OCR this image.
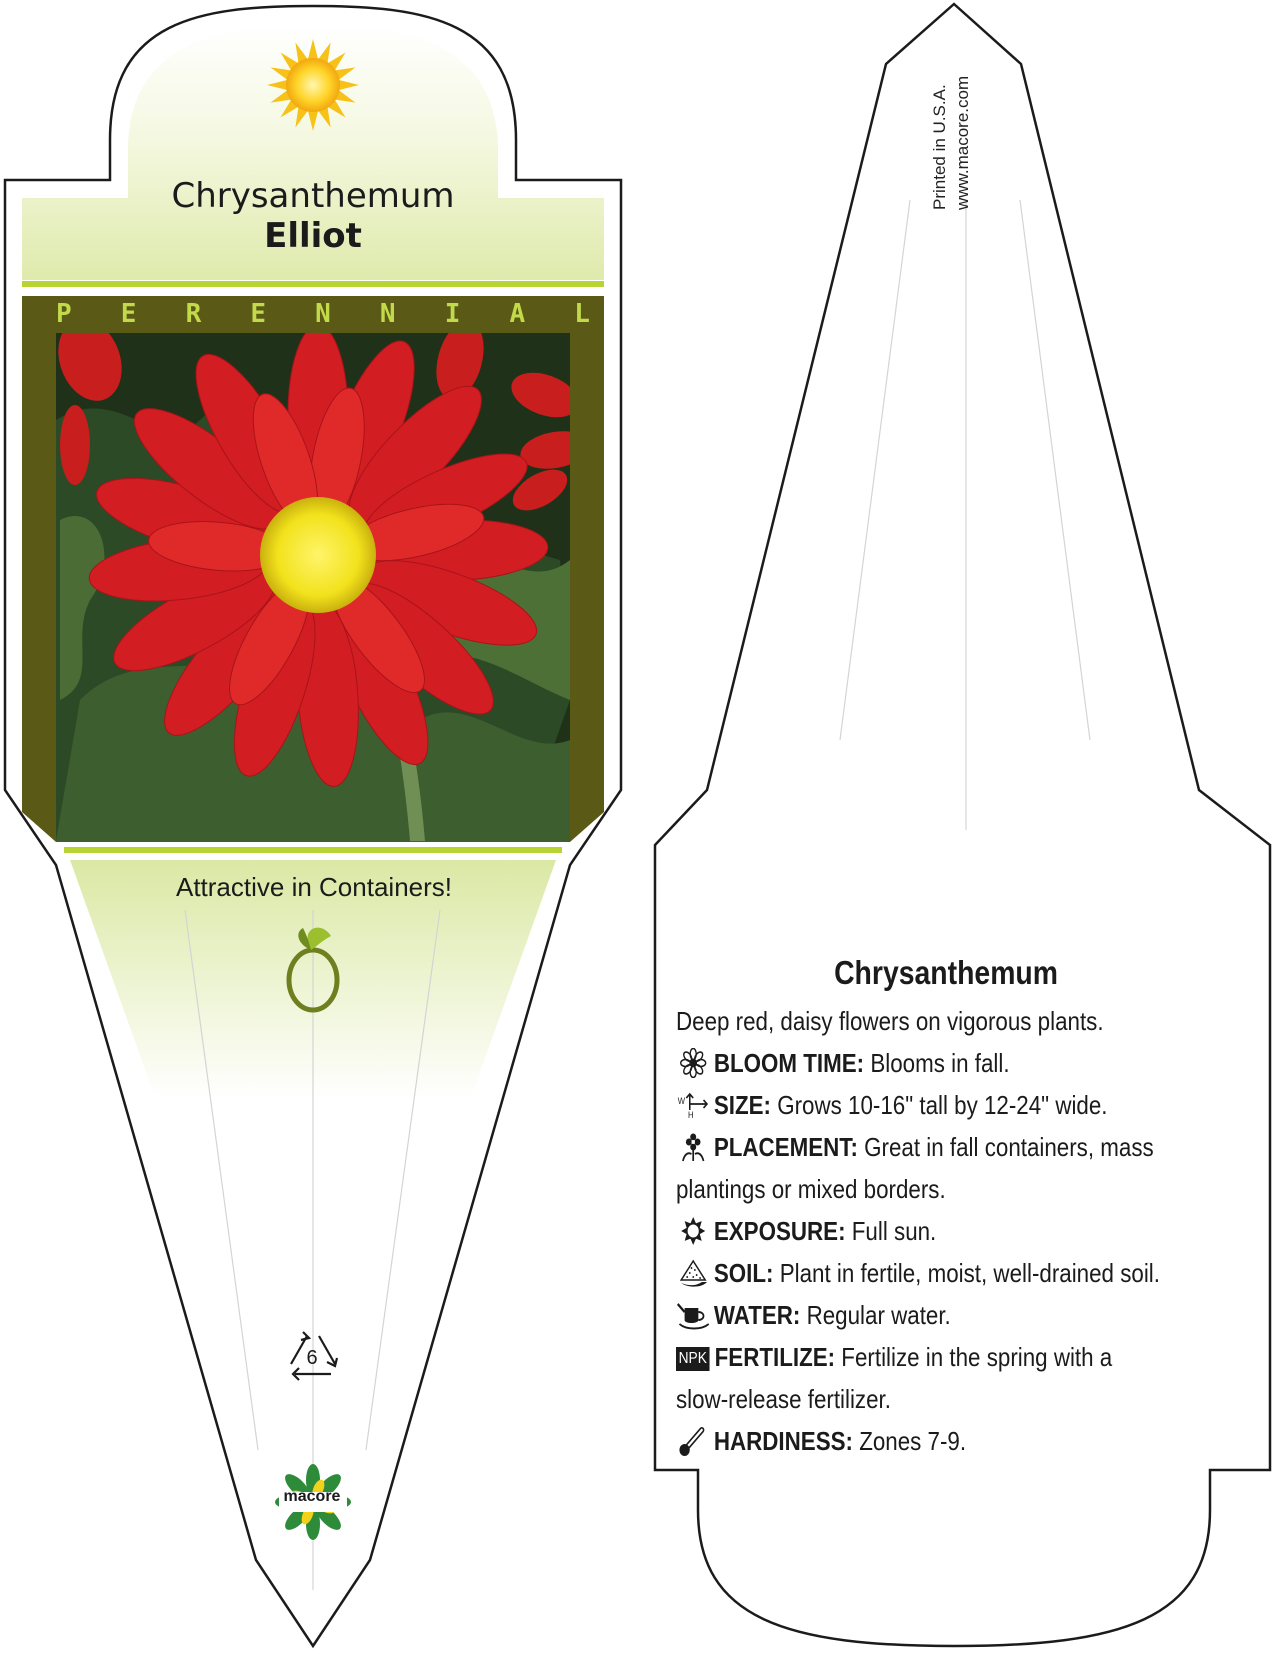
Chrysanthemum
Elliot
P E R E N N I A L
Attractive in Containers!
6
macore
Printed in U.S.A. www.macore.com
Chrysanthemum
Deep red, daisy flowers on vigorous plants.
BLOOM TIME: Blooms in fall.
W
H SIZE: Grows 10-16" tall by 12-24" wide.
PLACEMENT: Great in fall containers, mass
plantings or mixed borders.
EXPOSURE: Full sun.
SOIL: Plant in fertile, moist, well-drained soil.
WATER: Regular water.
NPK FERTILIZE: Fertilize in the spring with a
slow-release fertilizer.
HARDINESS: Zones 7-9.
